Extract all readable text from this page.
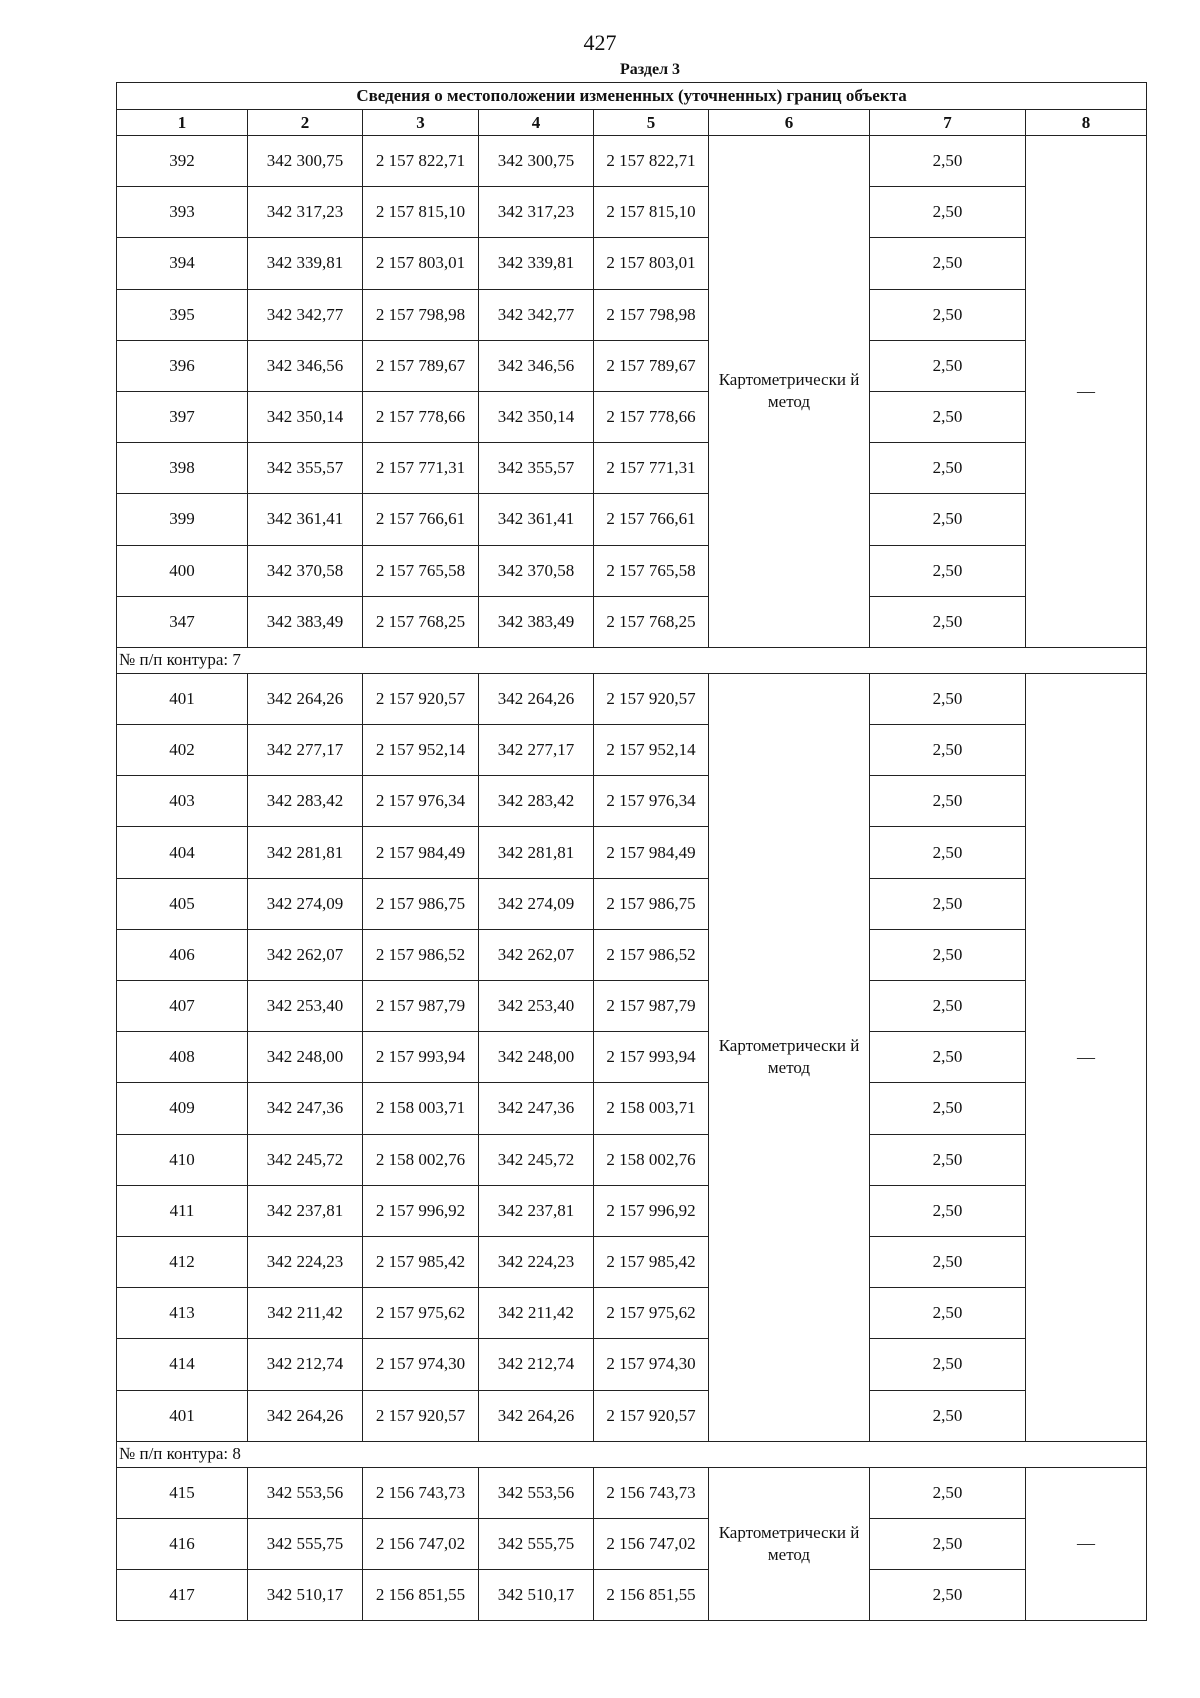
427
Раздел 3
Сведения о местоположении измененных (уточненных) границ объекта							
1	2	3	4	5	6	7	8
392	342 300,75	2 157 822,71	342 300,75	2 157 822,71	Картометрически й метод	2,50	—
393	342 317,23	2 157 815,10	342 317,23	2 157 815,10		2,50	
394	342 339,81	2 157 803,01	342 339,81	2 157 803,01		2,50	
395	342 342,77	2 157 798,98	342 342,77	2 157 798,98		2,50	
396	342 346,56	2 157 789,67	342 346,56	2 157 789,67		2,50	
397	342 350,14	2 157 778,66	342 350,14	2 157 778,66		2,50	
398	342 355,57	2 157 771,31	342 355,57	2 157 771,31		2,50	
399	342 361,41	2 157 766,61	342 361,41	2 157 766,61		2,50	
400	342 370,58	2 157 765,58	342 370,58	2 157 765,58		2,50	
347	342 383,49	2 157 768,25	342 383,49	2 157 768,25		2,50	
№ п/п контура: 7							
401	342 264,26	2 157 920,57	342 264,26	2 157 920,57	Картометрически й метод	2,50	—
402	342 277,17	2 157 952,14	342 277,17	2 157 952,14		2,50	
403	342 283,42	2 157 976,34	342 283,42	2 157 976,34		2,50	
404	342 281,81	2 157 984,49	342 281,81	2 157 984,49		2,50	
405	342 274,09	2 157 986,75	342 274,09	2 157 986,75		2,50	
406	342 262,07	2 157 986,52	342 262,07	2 157 986,52		2,50	
407	342 253,40	2 157 987,79	342 253,40	2 157 987,79		2,50	
408	342 248,00	2 157 993,94	342 248,00	2 157 993,94		2,50	
409	342 247,36	2 158 003,71	342 247,36	2 158 003,71		2,50	
410	342 245,72	2 158 002,76	342 245,72	2 158 002,76		2,50	
411	342 237,81	2 157 996,92	342 237,81	2 157 996,92		2,50	
412	342 224,23	2 157 985,42	342 224,23	2 157 985,42		2,50	
413	342 211,42	2 157 975,62	342 211,42	2 157 975,62		2,50	
414	342 212,74	2 157 974,30	342 212,74	2 157 974,30		2,50	
401	342 264,26	2 157 920,57	342 264,26	2 157 920,57		2,50	
№ п/п контура: 8							
415	342 553,56	2 156 743,73	342 553,56	2 156 743,73	Картометрически й метод	2,50	—
416	342 555,75	2 156 747,02	342 555,75	2 156 747,02		2,50	
417	342 510,17	2 156 851,55	342 510,17	2 156 851,55		2,50	
